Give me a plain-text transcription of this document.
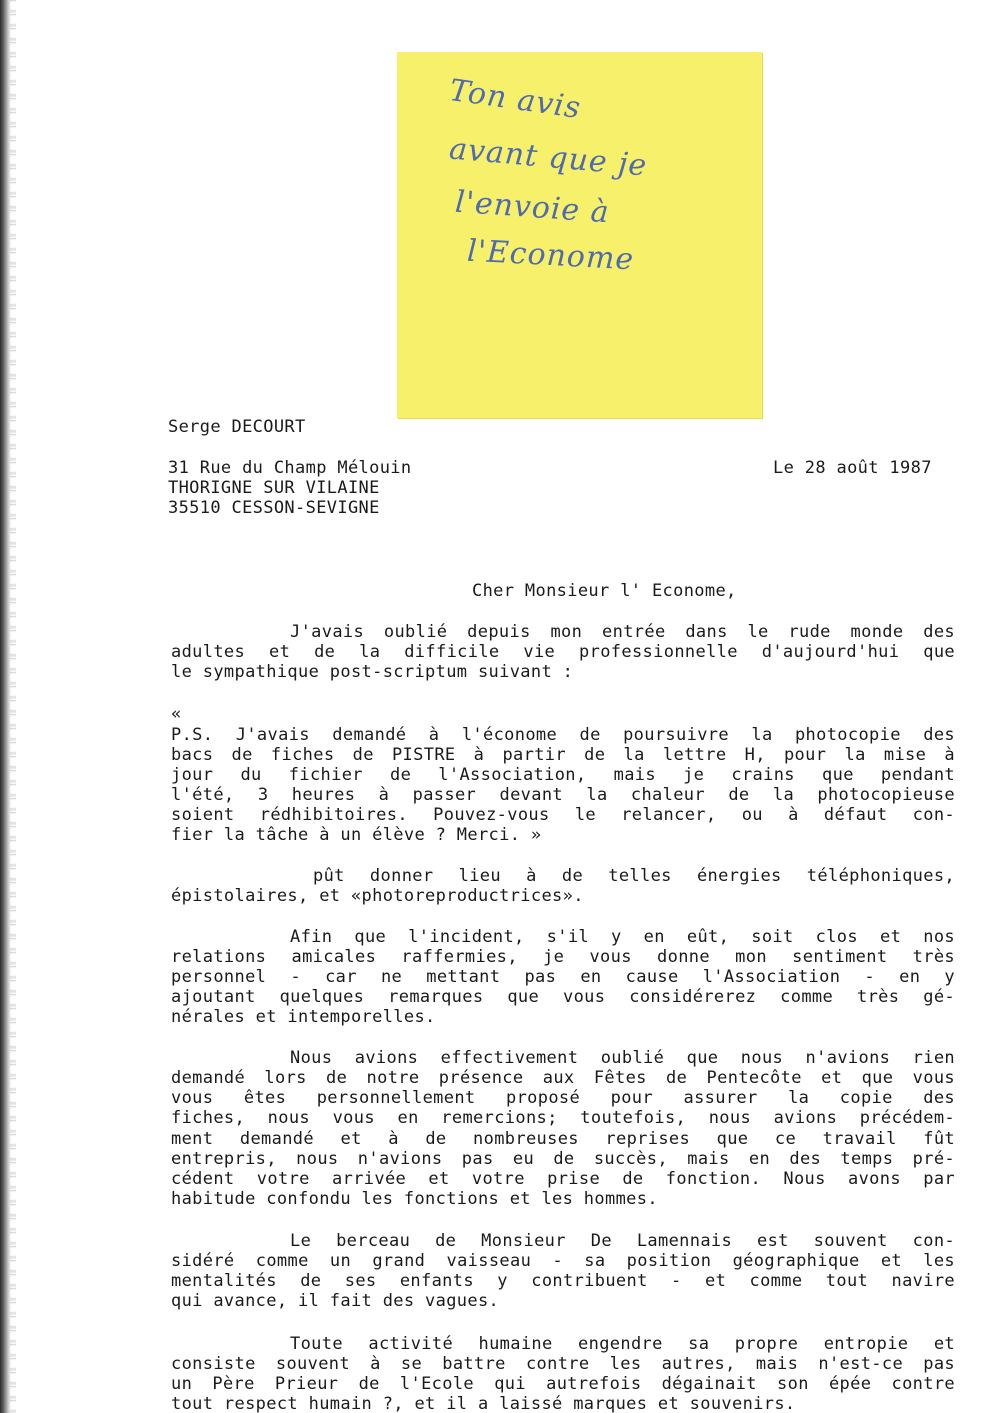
Ton avis
avant que je
l'envoie à
l'Econome
Serge DECOURT
31 Rue du Champ Mélouin
THORIGNE SUR VILAINE
35510 CESSON-SEVIGNE
Le 28 août 1987
Cher Monsieur l' Econome,
J'avais oublié depuis mon entrée dans le rude monde des
adultes et de la difficile vie professionnelle d'aujourd'hui que
le sympathique post-scriptum suivant :
«
P.S. J'avais demandé à l'économe de poursuivre la photocopie des
bacs de fiches de PISTRE à partir de la lettre H, pour la mise à
jour du fichier de l'Association, mais je crains que pendant
l'été, 3 heures à passer devant la chaleur de la photocopieuse
soient rédhibitoires. Pouvez-vous le relancer, ou à défaut con-
fier la tâche à un élève ? Merci. »
pût donner lieu à de telles énergies téléphoniques,
épistolaires, et «photoreproductrices».
Afin que l'incident, s'il y en eût, soit clos et nos
relations amicales raffermies, je vous donne mon sentiment très
personnel - car ne mettant pas en cause l'Association - en y
ajoutant quelques remarques que vous considérerez comme très gé-
nérales et intemporelles.
Nous avions effectivement oublié que nous n'avions rien
demandé lors de notre présence aux Fêtes de Pentecôte et que vous
vous êtes personnellement proposé pour assurer la copie des
fiches, nous vous en remercions; toutefois, nous avions précédem-
ment demandé et à de nombreuses reprises que ce travail fût
entrepris, nous n'avions pas eu de succès, mais en des temps pré-
cédent votre arrivée et votre prise de fonction. Nous avons par
habitude confondu les fonctions et les hommes.
Le berceau de Monsieur De Lamennais est souvent con-
sidéré comme un grand vaisseau - sa position géographique et les
mentalités de ses enfants y contribuent - et comme tout navire
qui avance, il fait des vagues.
Toute activité humaine engendre sa propre entropie et
consiste souvent à se battre contre les autres, mais n'est-ce pas
un Père Prieur de l'Ecole qui autrefois dégainait son épée contre
tout respect humain ?, et il a laissé marques et souvenirs.
